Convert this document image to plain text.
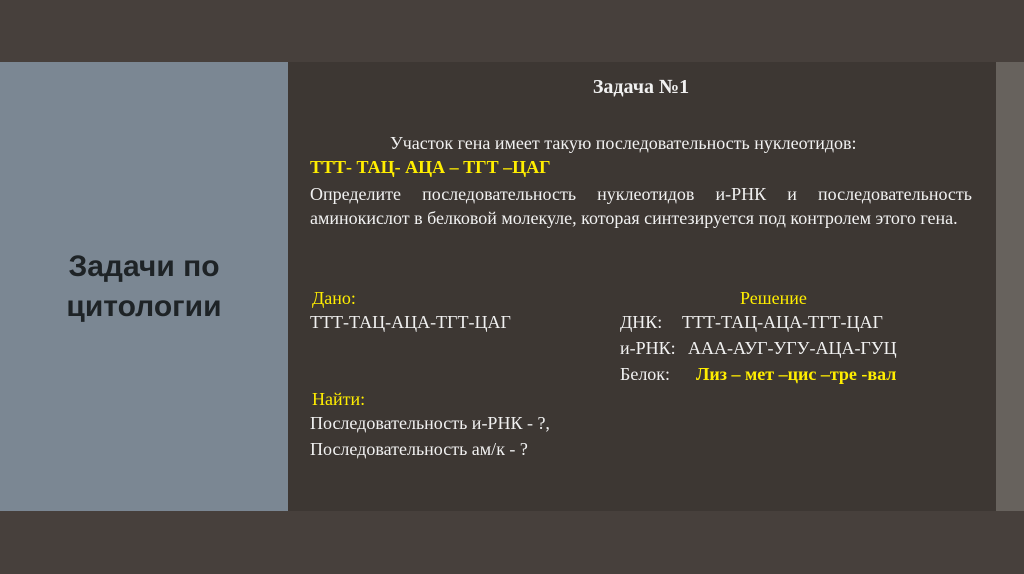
Задачи по
цитологии
Задача №1
Участок гена имеет такую последовательность нуклеотидов:
ТТТ- ТАЦ- АЦА – ТГТ –ЦАГ
Определите последовательность нуклеотидов и-РНК и последовательность аминокислот в белковой молекуле, которая синтезируется под контролем этого гена.
Дано:
ТТТ-ТАЦ-АЦА-ТГТ-ЦАГ
Решение
ДНК: ТТТ-ТАЦ-АЦА-ТГТ-ЦАГ
и-РНК: ААА-АУГ-УГУ-АЦА-ГУЦ
Белок: Лиз – мет –цис –тре -вал
Найти:
Последовательность и-РНК - ?,
Последовательность ам/к - ?
